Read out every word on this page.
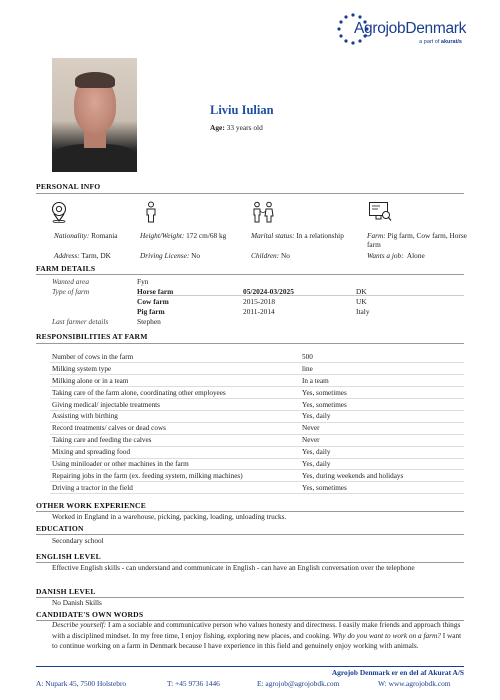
AgrojobDenmark
a part of akurat/s
Liviu Iulian
Age: 33 years old
PERSONAL INFO
Nationality: Romania	Height/Weight: 172 cm/68 kg	Marital status: In a relationship	Farm: Pig farm, Cow farm, Horse farm
Address: Tarm, DK	Driving License: No	Children: No	Wants a job: Alone
FARM DETAILS
Wanted area	Fyn
Type of farm	Horse farm	05/2024-03/2025	DK
Cow farm	2015-2018	UK
Pig farm	2011-2014	Italy
Last farmer details	Stephen
RESPONSIBILITIES AT FARM
Number of cows in the farm	500
Milking system type	line
Milking alone or in a team	In a team
Taking care of the farm alone, coordinating other employees	Yes, sometimes
Giving medical/ injectable treatments	Yes, sometimes
Assisting with birthing	Yes, daily
Record treatments/ calves or dead cows	Never
Taking care and feeding the calves	Never
Mixing and spreading food	Yes, daily
Using miniloader or other machines in the farm	Yes, daily
Repairing jobs in the farm (ex. feeding system, milking machines)	Yes, during weekends and holidays
Driving a tractor in the field	Yes, sometimes
OTHER WORK EXPERIENCE
Worked in England in a warehouse, picking, packing, loading, unloading trucks.
EDUCATION
Secondary school
ENGLISH LEVEL
Effective English skills - can understand and communicate in English - can have an English conversation over the telephone
DANISH LEVEL
No Danish Skills
CANDIDATE'S OWN WORDS
Describe yourself: I am a sociable and communicative person who values honesty and directness. I easily make friends and approach things with a disciplined mindset. In my free time, I enjoy fishing, exploring new places, and cooking. Why do you want to work on a farm? I want to continue working on a farm in Denmark because I have experience in this field and genuinely enjoy working with animals.
Agrojob Denmark er en del af Akurat A/S
A: Nupark 45, 7500 Holstebro	T: +45 9736 1446	E: agrojob@agrojobdk.com	W: www.agrojobdk.com
